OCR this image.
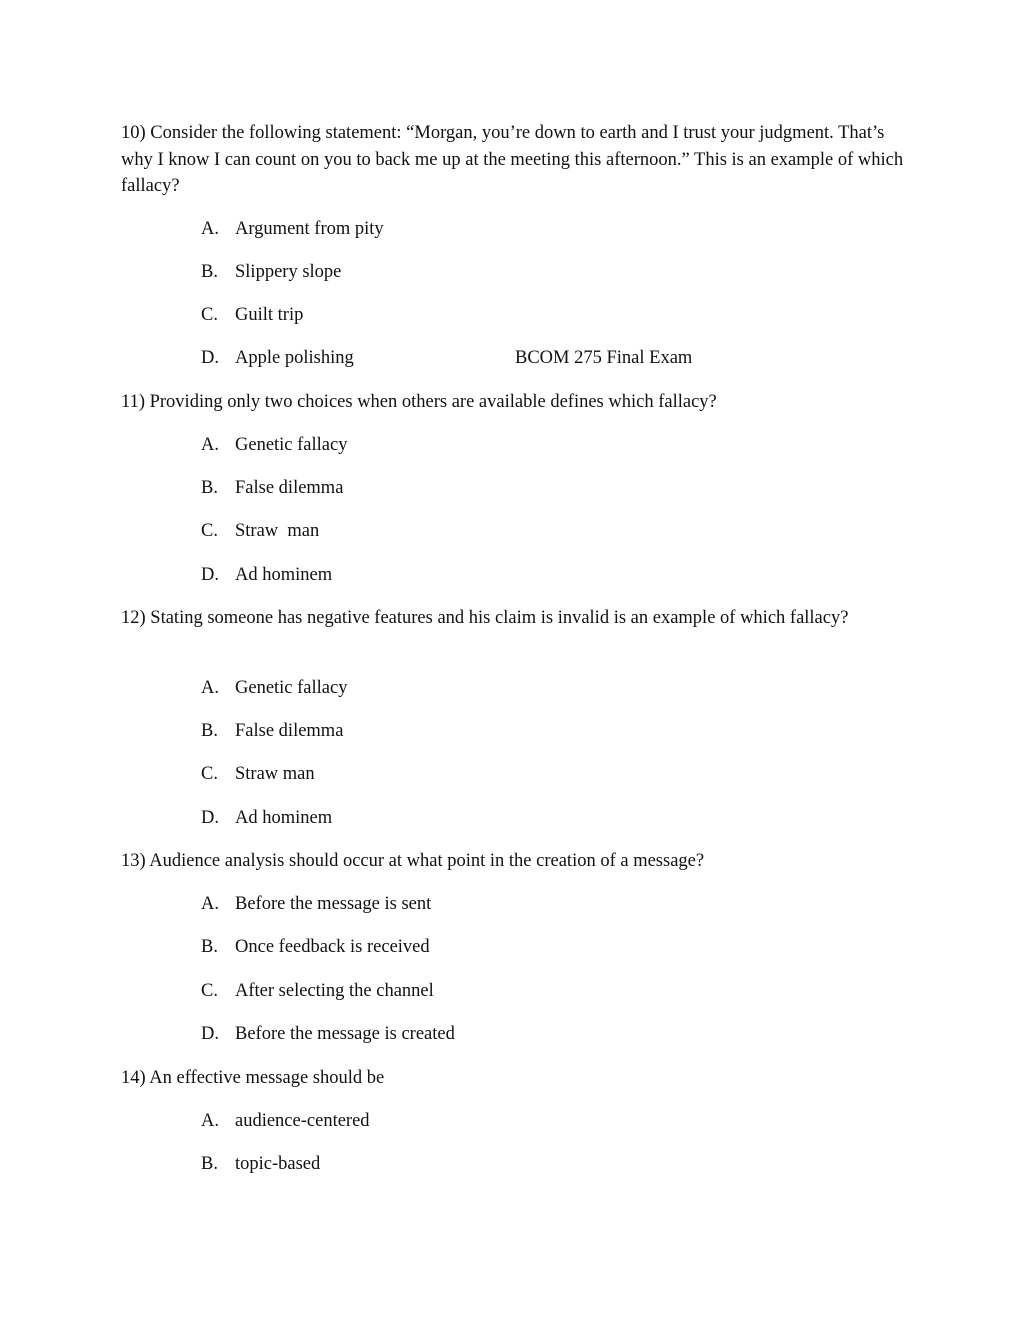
10) Consider the following statement: “Morgan, you’re down to earth and I trust your judgment. That’s why I know I can count on you to back me up at the meeting this afternoon.” This is an example of which fallacy?

A. Argument from pity
B. Slippery slope
C. Guilt trip
D. Apple polishing	BCOM 275 Final Exam

11) Providing only two choices when others are available defines which fallacy?

A. Genetic fallacy
B. False dilemma
C. Straw  man
D. Ad hominem

12) Stating someone has negative features and his claim is invalid is an example of which fallacy?

A. Genetic fallacy
B. False dilemma
C. Straw man
D. Ad hominem

13) Audience analysis should occur at what point in the creation of a message?

A. Before the message is sent
B. Once feedback is received
C. After selecting the channel
D. Before the message is created

14) An effective message should be

A. audience-centered
B. topic-based
